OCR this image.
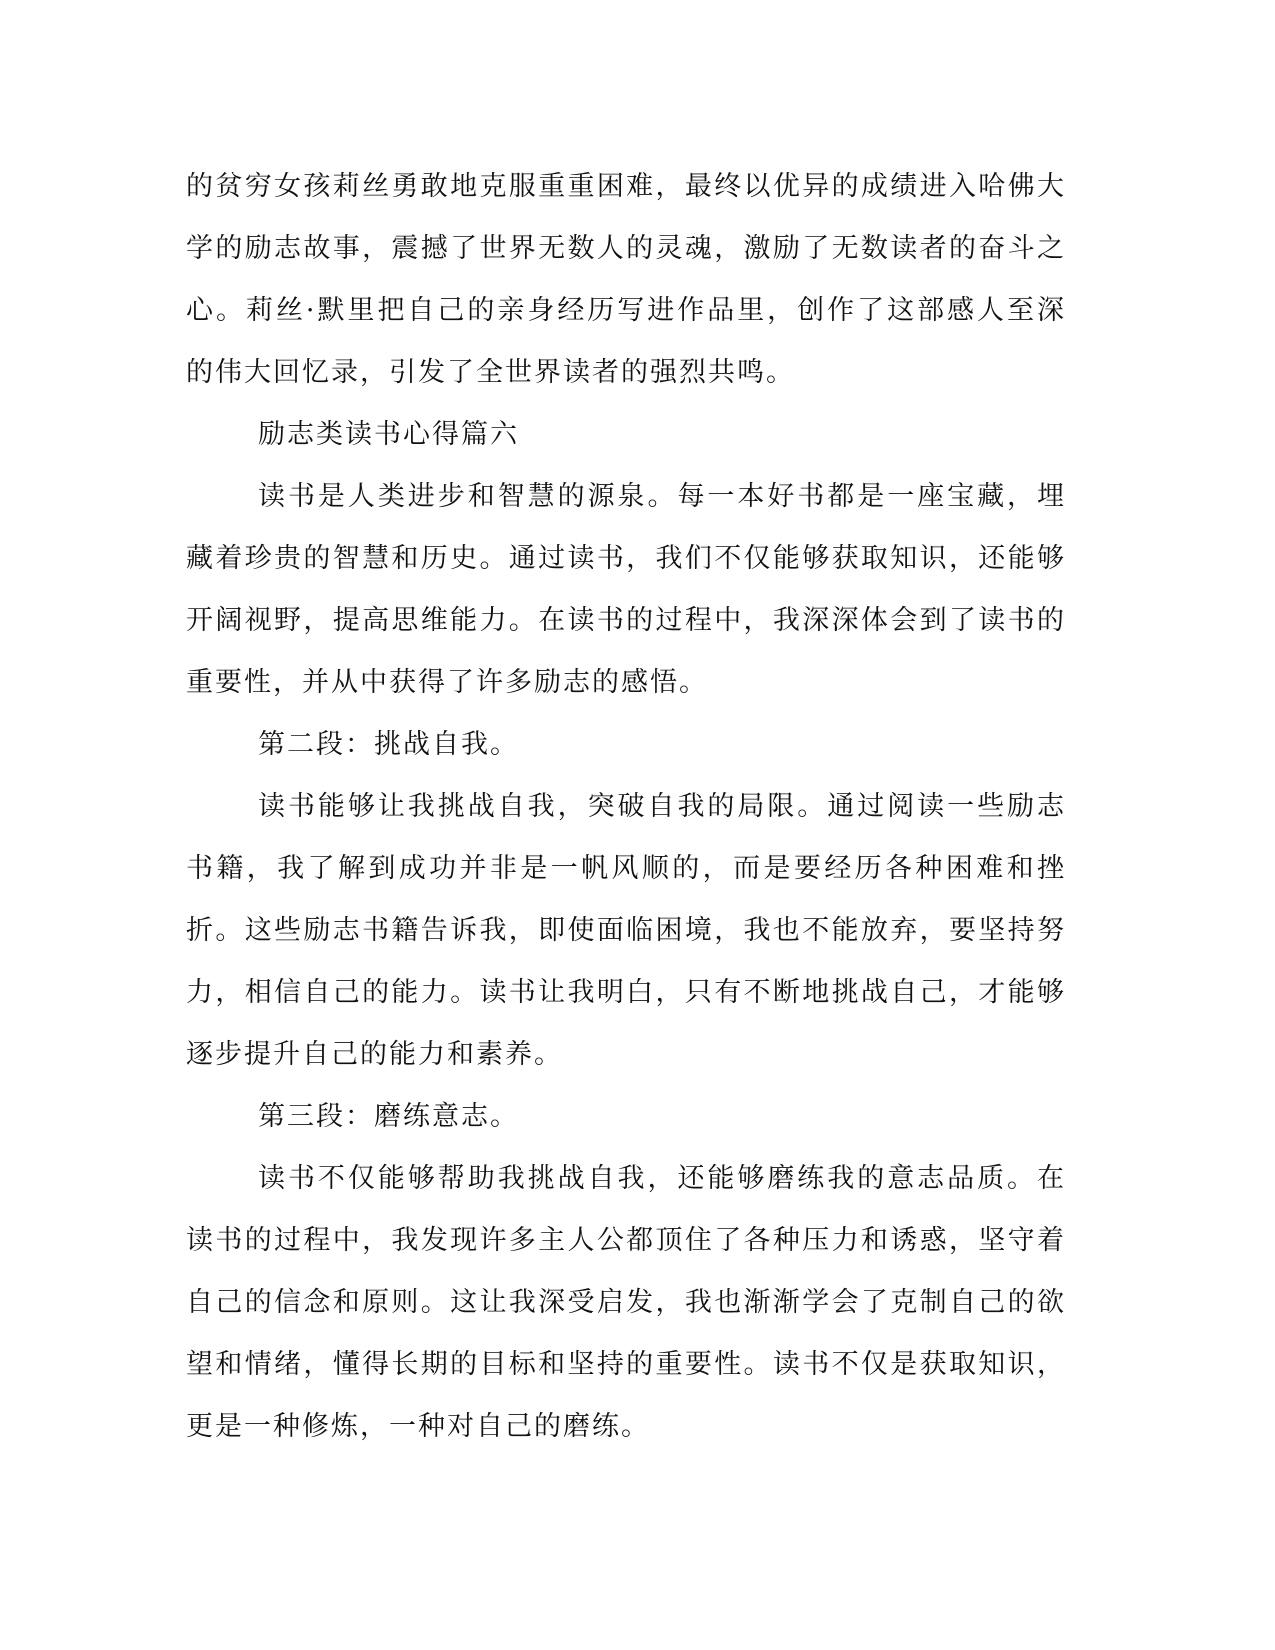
的贫穷女孩莉丝勇敢地克服重重困难，最终以优异的成绩进入哈佛大学的励志故事，震撼了世界无数人的灵魂，激励了无数读者的奋斗之心。莉丝·默里把自己的亲身经历写进作品里，创作了这部感人至深的伟大回忆录，引发了全世界读者的强烈共鸣。

励志类读书心得篇六

读书是人类进步和智慧的源泉。每一本好书都是一座宝藏，埋藏着珍贵的智慧和历史。通过读书，我们不仅能够获取知识，还能够开阔视野，提高思维能力。在读书的过程中，我深深体会到了读书的重要性，并从中获得了许多励志的感悟。

第二段：挑战自我。

读书能够让我挑战自我，突破自我的局限。通过阅读一些励志书籍，我了解到成功并非是一帆风顺的，而是要经历各种困难和挫折。这些励志书籍告诉我，即使面临困境，我也不能放弃，要坚持努力，相信自己的能力。读书让我明白，只有不断地挑战自己，才能够逐步提升自己的能力和素养。

第三段：磨练意志。

读书不仅能够帮助我挑战自我，还能够磨练我的意志品质。在读书的过程中，我发现许多主人公都顶住了各种压力和诱惑，坚守着自己的信念和原则。这让我深受启发，我也渐渐学会了克制自己的欲望和情绪，懂得长期的目标和坚持的重要性。读书不仅是获取知识，更是一种修炼，一种对自己的磨练。
